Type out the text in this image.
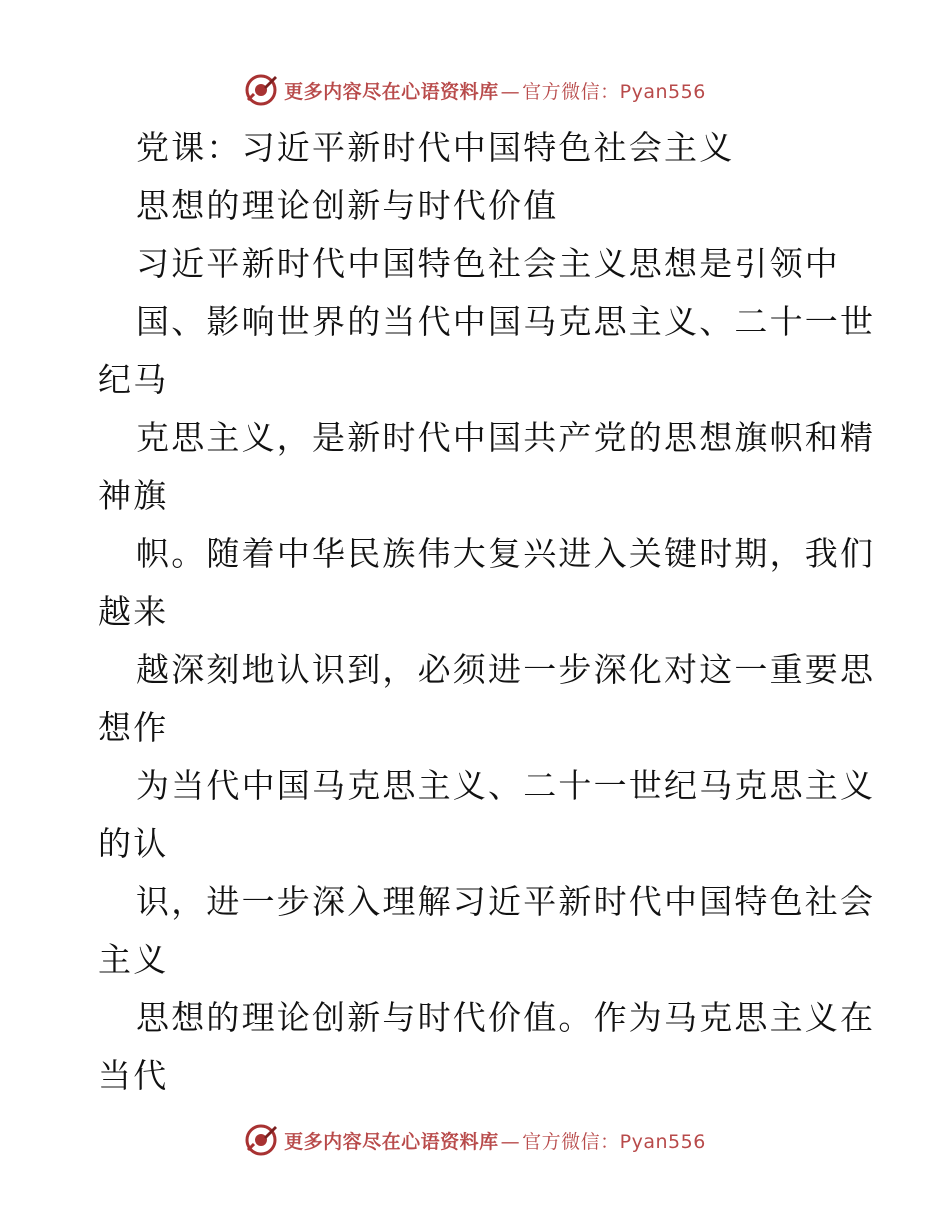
更多内容尽在心语资料库 — 官方微信：Pyan556
党课：习近平新时代中国特色社会主义
思想的理论创新与时代价值
习近平新时代中国特色社会主义思想是引领中
国、影响世界的当代中国马克思主义、二十一世
纪马
克思主义，是新时代中国共产党的思想旗帜和精
神旗
帜。随着中华民族伟大复兴进入关键时期，我们
越来
越深刻地认识到，必须进一步深化对这一重要思
想作
为当代中国马克思主义、二十一世纪马克思主义
的认
识，进一步深入理解习近平新时代中国特色社会
主义
思想的理论创新与时代价值。作为马克思主义在
当代
更多内容尽在心语资料库 — 官方微信：Pyan556
